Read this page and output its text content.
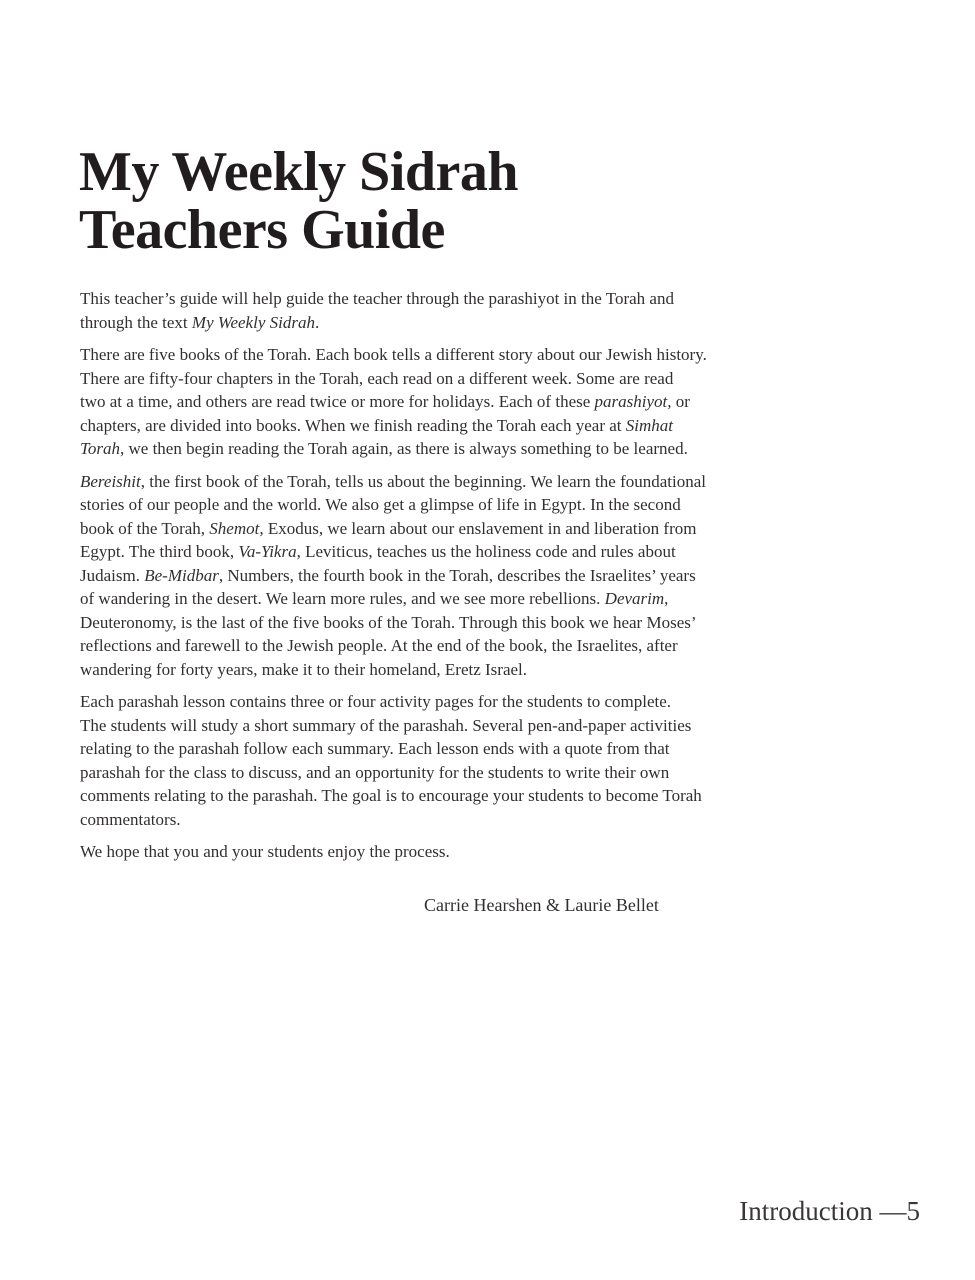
My Weekly Sidrah
Teachers Guide

This teacher’s guide will help guide the teacher through the parashiyot in the Torah and
through the text My Weekly Sidrah.

There are five books of the Torah. Each book tells a different story about our Jewish history.
There are fifty-four chapters in the Torah, each read on a different week. Some are read
two at a time, and others are read twice or more for holidays. Each of these parashiyot, or
chapters, are divided into books. When we finish reading the Torah each year at Simhat
Torah, we then begin reading the Torah again, as there is always something to be learned.

Bereishit, the first book of the Torah, tells us about the beginning. We learn the foundational
stories of our people and the world. We also get a glimpse of life in Egypt. In the second
book of the Torah, Shemot, Exodus, we learn about our enslavement in and liberation from
Egypt. The third book, Va-Yikra, Leviticus, teaches us the holiness code and rules about
Judaism. Be-Midbar, Numbers, the fourth book in the Torah, describes the Israelites’ years
of wandering in the desert. We learn more rules, and we see more rebellions. Devarim,
Deuteronomy, is the last of the five books of the Torah. Through this book we hear Moses’
reflections and farewell to the Jewish people. At the end of the book, the Israelites, after
wandering for forty years, make it to their homeland, Eretz Israel.

Each parashah lesson contains three or four activity pages for the students to complete.
The students will study a short summary of the parashah. Several pen-and-paper activities
relating to the parashah follow each summary. Each lesson ends with a quote from that
parashah for the class to discuss, and an opportunity for the students to write their own
comments relating to the parashah. The goal is to encourage your students to become Torah
commentators.

We hope that you and your students enjoy the process.

Carrie Hearshen & Laurie Bellet
Introduction —5
